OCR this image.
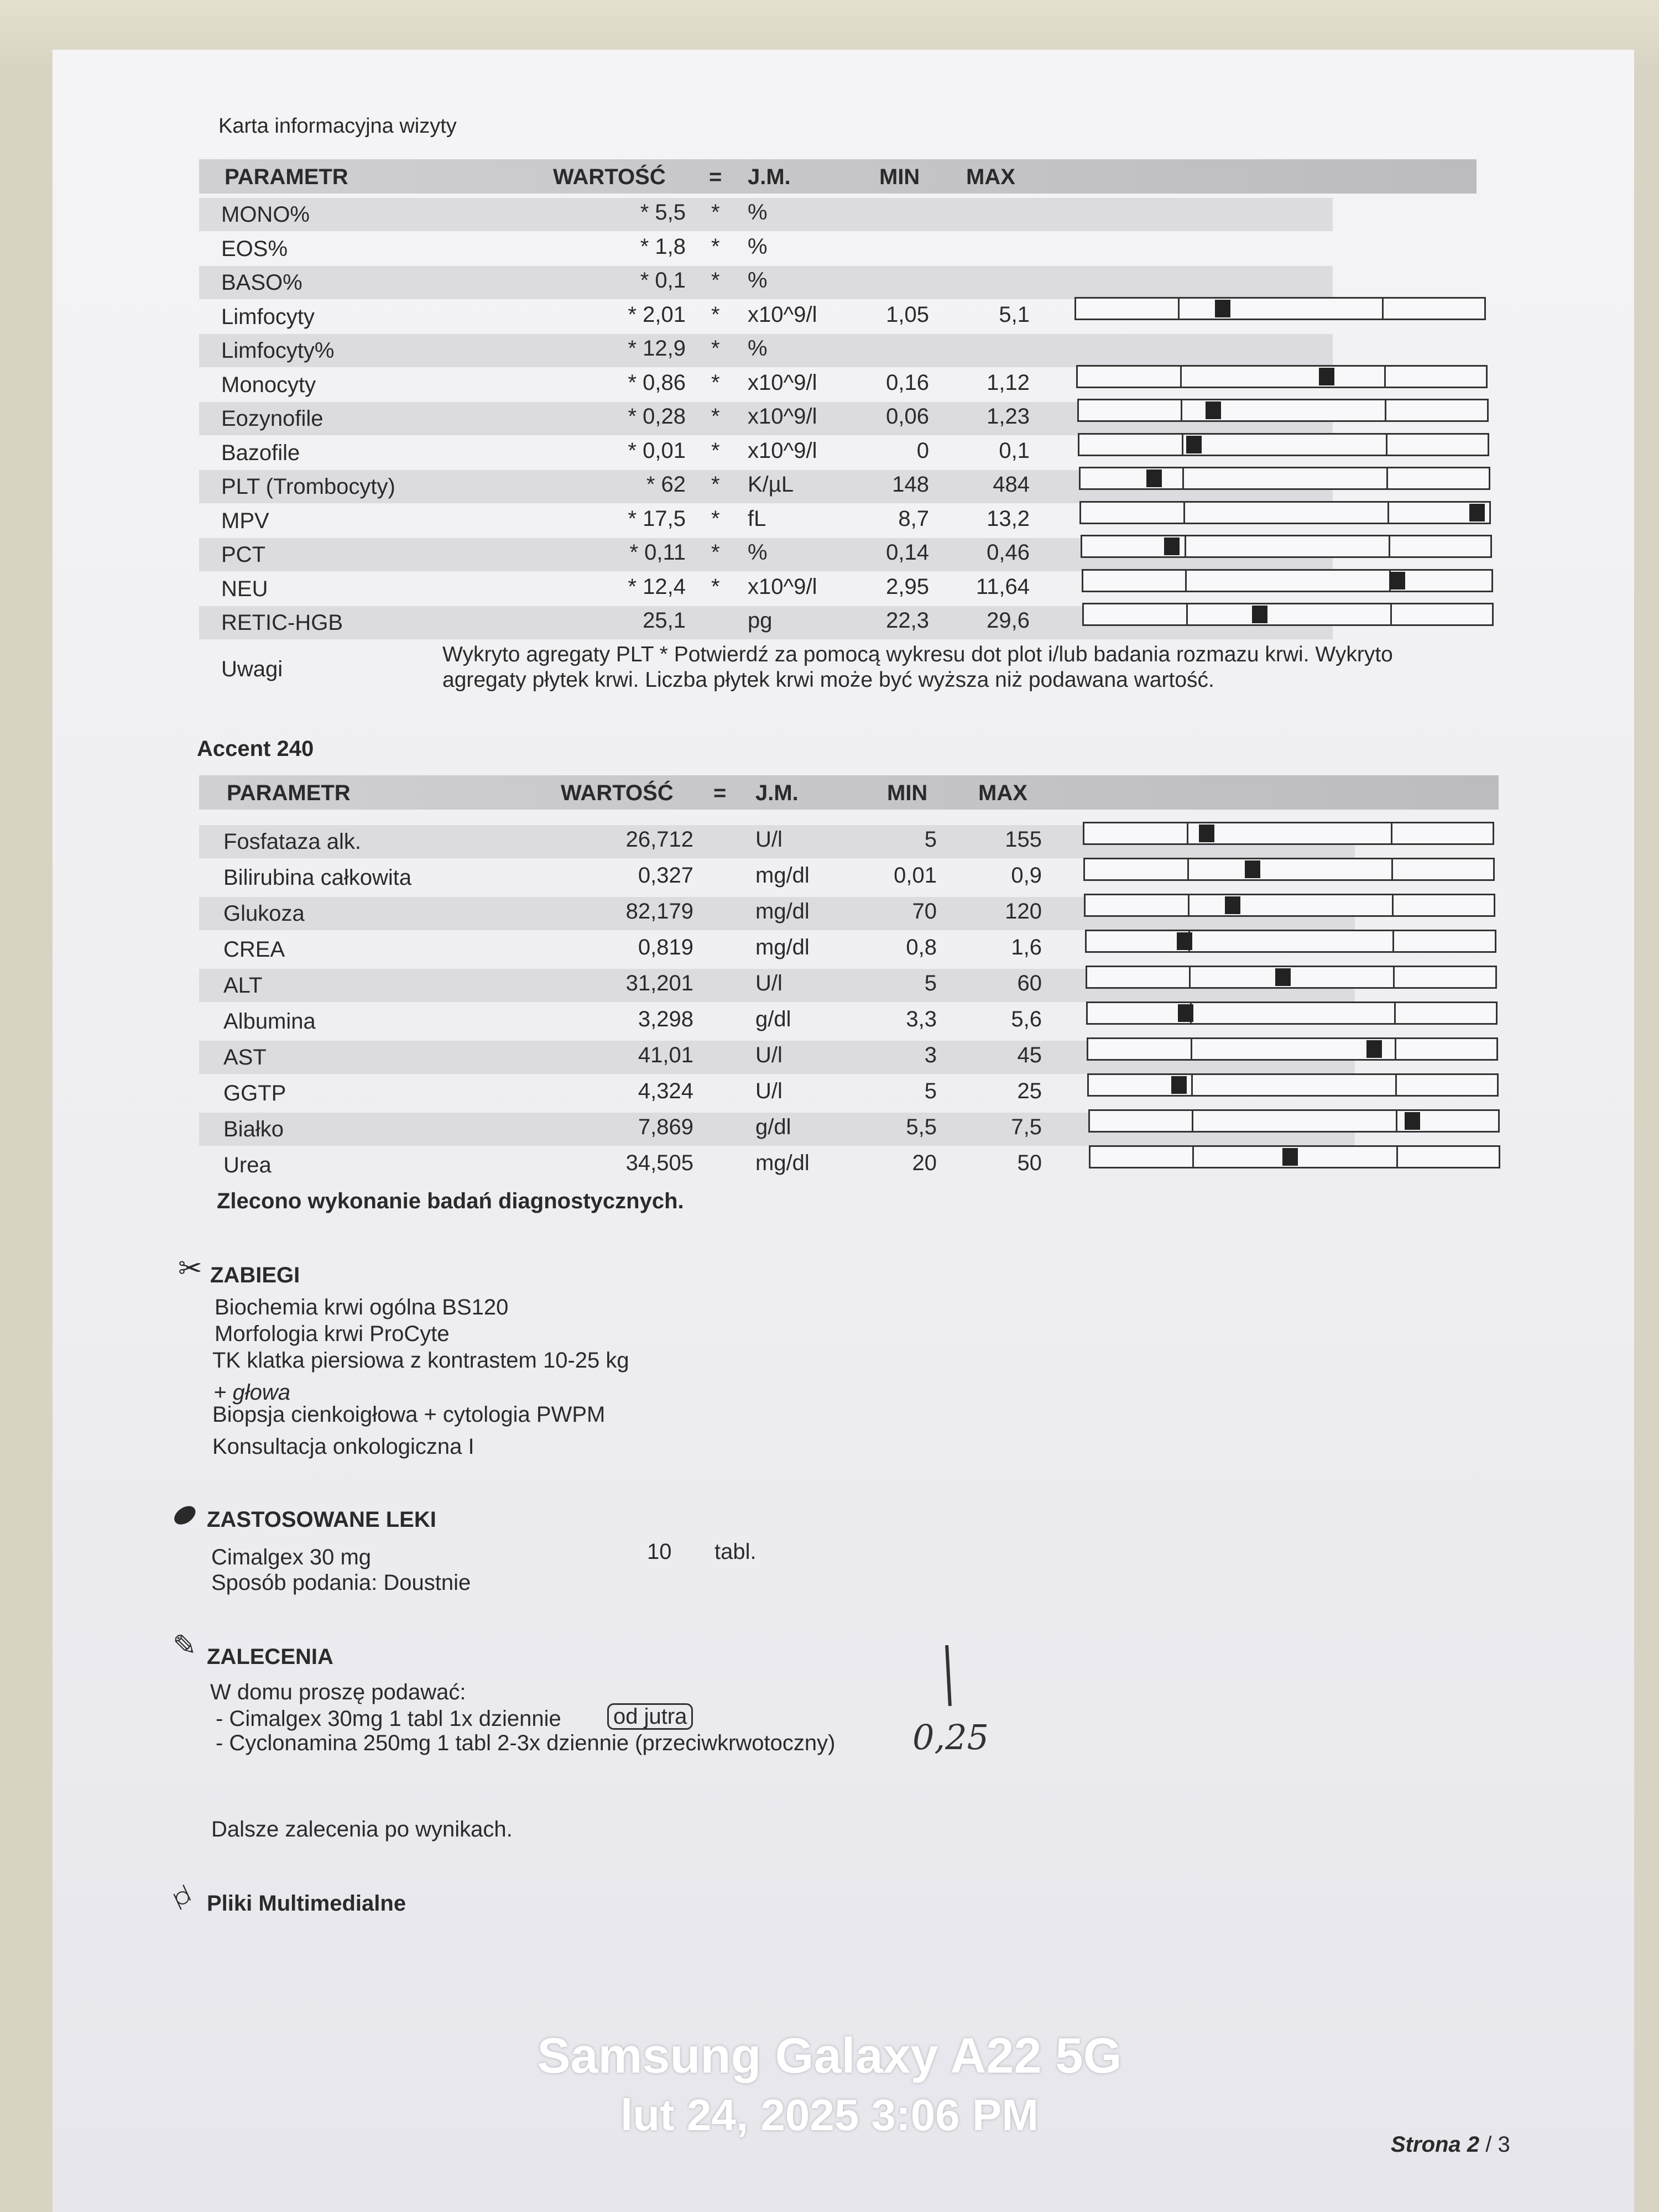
Karta informacyjna wizyty
PARAMETR	WARTOŚĆ = J.M.	MIN MAX
MONO%	* 5,5 * %
EOS%	* 1,8 * %
BASO%	* 0,1 * %
Limfocyty	* 2,01 * x10^9/l	1,05	5,1
Limfocyty%	* 12,9 * %
Monocyty	* 0,86 * x10^9/l	0,16	1,12
Eozynofile	* 0,28 * x10^9/l	0,06	1,23
Bazofile	* 0,01 * x10^9/l	0	0,1
PLT (Trombocyty)	* 62 * K/µL	148	484
MPV	* 17,5 * fL	8,7	13,2
PCT	* 0,11 * %	0,14	0,46
NEU	* 12,4 * x10^9/l	2,95	11,64
RETIC-HGB	25,1	pg	22,3	29,6
Uwagi
Wykryto agregaty PLT * Potwierdź za pomocą wykresu dot plot i/lub badania rozmazu krwi. Wykryto
agregaty płytek krwi. Liczba płytek krwi może być wyższa niż podawana wartość.
Accent 240
PARAMETR	WARTOŚĆ = J.M.	MIN MAX
Fosfataza alk.	26,712	U/l	5	155
Bilirubina całkowita	0,327	mg/dl	0,01	0,9
Glukoza	82,179	mg/dl	70	120
CREA	0,819	mg/dl	0,8	1,6
ALT	31,201	U/l	5	60
Albumina	3,298	g/dl	3,3	5,6
AST	41,01	U/l	3	45
GGTP	4,324	U/l	5	25
Białko	7,869	g/dl	5,5	7,5
Urea	34,505	mg/dl	20	50
Zlecono wykonanie badań diagnostycznych.
✂ ZABIEGI
Biochemia krwi ogólna BS120
Morfologia krwi ProCyte
TK klatka piersiowa z kontrastem 10-25 kg
+ głowa
Biopsja cienkoigłowa + cytologia PWPM
Konsultacja onkologiczna I
⬬ ZASTOSOWANE LEKI
Cimalgex 30 mg	10 tabl.
Sposób podania: Doustnie
✎ ZALECENIA
W domu proszę podawać:
- Cimalgex 30mg 1 tabl 1x dziennie od jutra
- Cyclonamina 250mg 1 tabl 2-3x dziennie (przeciwkrwotoczny) 0,25
Dalsze zalecenia po wynikach.
⌭ Pliki Multimedialne
Samsung Galaxy A22 5G
lut 24, 2025 3:06 PM
Strona 2 / 3
